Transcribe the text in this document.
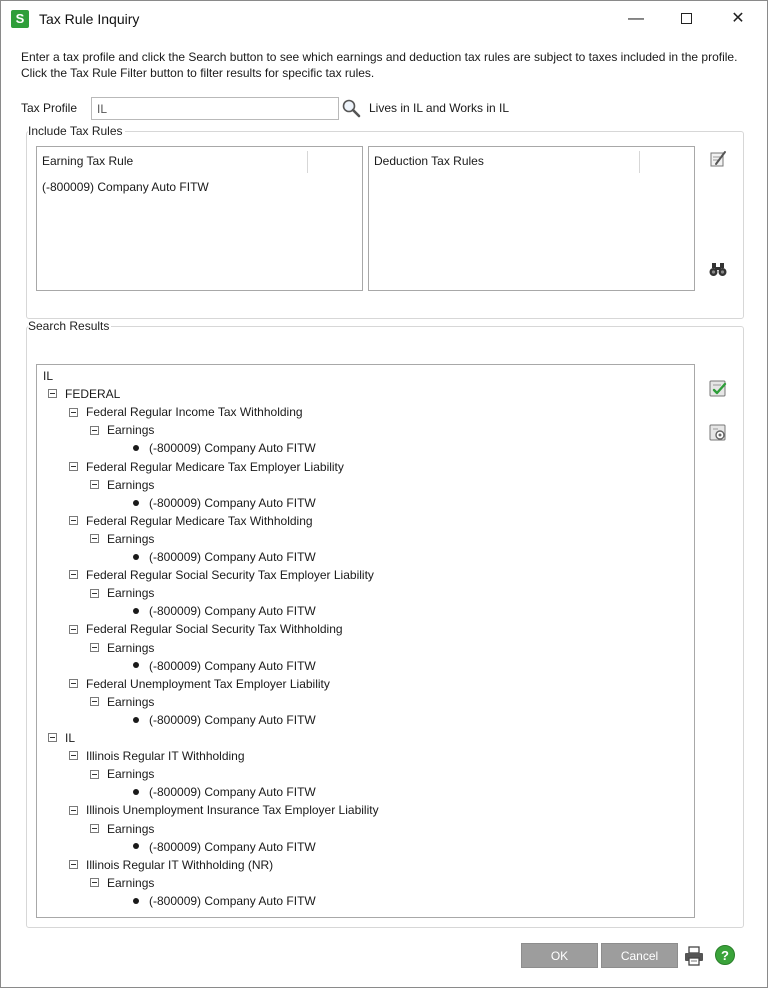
S	Tax Rule Inquiry	—	✕
Enter a tax profile and click the Search button to see which earnings and deduction tax rules are subject to taxes included in the profile. Click the Tax Rule Filter button to filter results for specific tax rules.
Tax Profile
IL	Lives in IL and Works in IL
Include Tax Rules
Earning Tax Rule
(-800009) Company Auto FITW
Deduction Tax Rules
Search Results
IL
FEDERAL
Federal Regular Income Tax Withholding
Earnings
(-800009) Company Auto FITW
Federal Regular Medicare Tax Employer Liability
Earnings
(-800009) Company Auto FITW
Federal Regular Medicare Tax Withholding
Earnings
(-800009) Company Auto FITW
Federal Regular Social Security Tax Employer Liability
Earnings
(-800009) Company Auto FITW
Federal Regular Social Security Tax Withholding
Earnings
(-800009) Company Auto FITW
Federal Unemployment Tax Employer Liability
Earnings
(-800009) Company Auto FITW
IL
Illinois Regular IT Withholding
Earnings
(-800009) Company Auto FITW
Illinois Unemployment Insurance Tax Employer Liability
Earnings
(-800009) Company Auto FITW
Illinois Regular IT Withholding (NR)
Earnings
(-800009) Company Auto FITW
OK	Cancel	?
